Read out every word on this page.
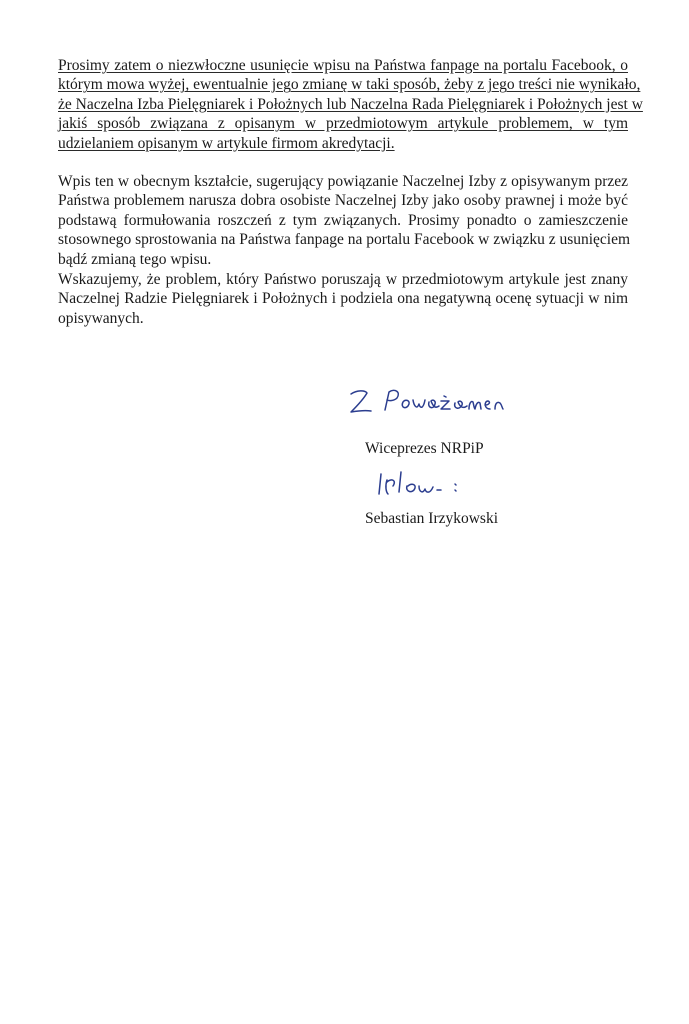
Prosimy zatem o niezwłoczne usunięcie wpisu na Państwa fanpage na portalu Facebook, o
którym mowa wyżej, ewentualnie jego zmianę w taki sposób, żeby z jego treści nie wynikało,
że Naczelna Izba Pielęgniarek i Położnych lub Naczelna Rada Pielęgniarek i Położnych jest w
jakiś sposób związana z opisanym w przedmiotowym artykule problemem, w tym
udzielaniem opisanym w artykule firmom akredytacji.

Wpis ten w obecnym kształcie, sugerujący powiązanie Naczelnej Izby z opisywanym przez
Państwa problemem narusza dobra osobiste Naczelnej Izby jako osoby prawnej i może być
podstawą formułowania roszczeń z tym związanych. Prosimy ponadto o zamieszczenie
stosownego sprostowania na Państwa fanpage na portalu Facebook w związku z usunięciem
bądź zmianą tego wpisu.

Wskazujemy, że problem, który Państwo poruszają w przedmiotowym artykule jest znany
Naczelnej Radzie Pielęgniarek i Położnych i podziela ona negatywną ocenę sytuacji w nim
opisywanych.

Wiceprezes NRPiP
Sebastian Irzykowski
